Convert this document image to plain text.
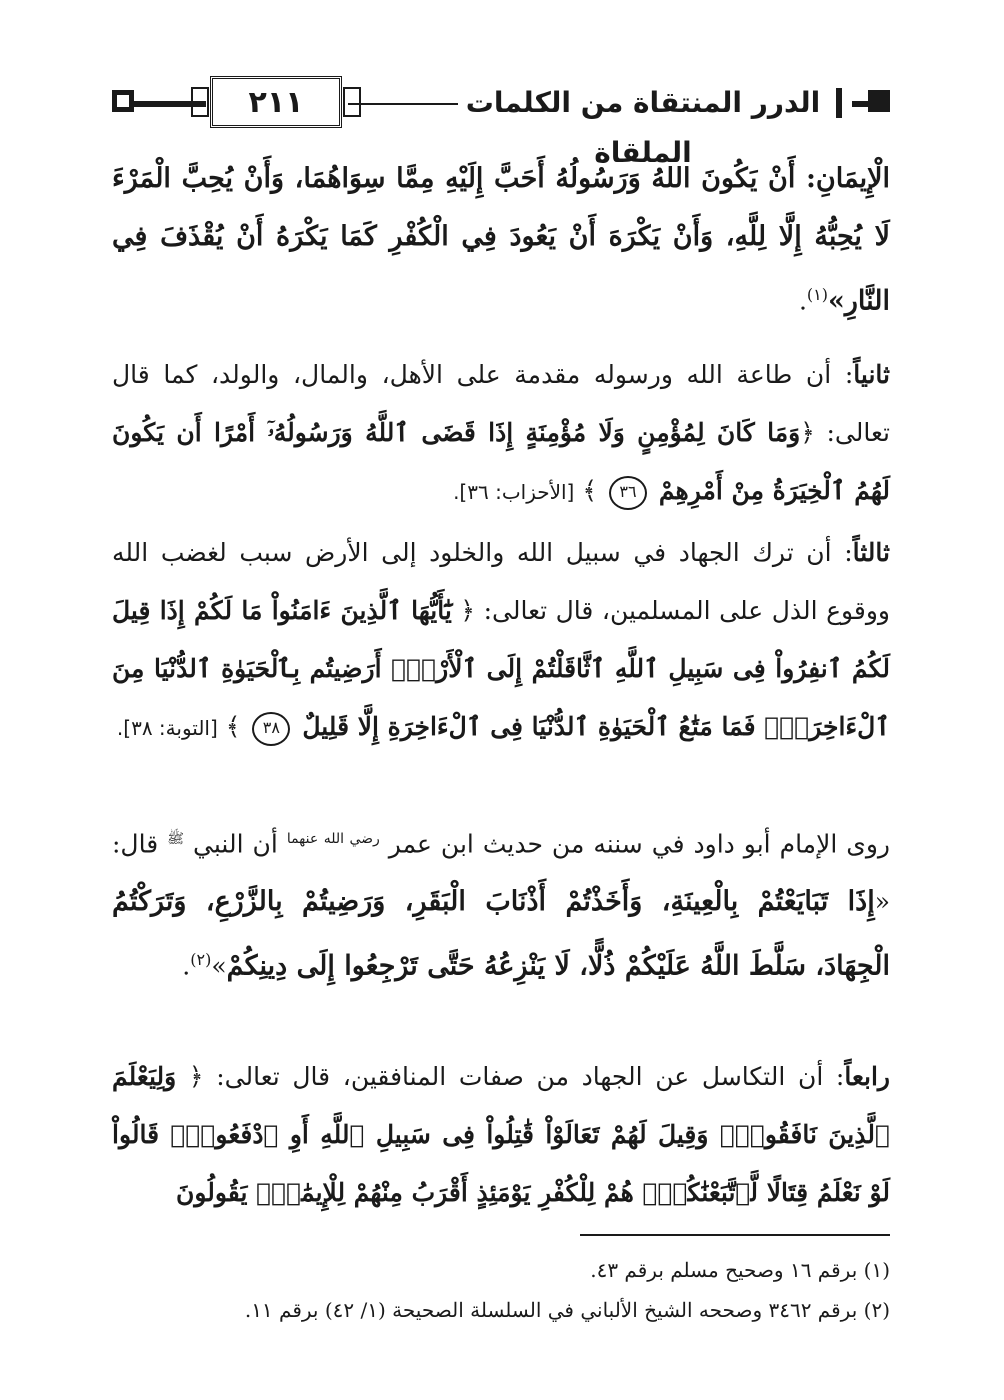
٢١١	الدرر المنتقاة من الكلمات الملقاة

الْإِيمَانِ: أَنْ يَكُونَ اللهُ وَرَسُولُهُ أَحَبَّ إِلَيْهِ مِمَّا سِوَاهُمَا، وَأَنْ يُحِبَّ الْمَرْءَ لَا يُحِبُّهُ إِلَّا لِلَّهِ، وَأَنْ يَكْرَهَ أَنْ يَعُودَ فِي الْكُفْرِ كَمَا يَكْرَهُ أَنْ يُقْذَفَ فِي النَّارِ»$^{(١)}$.

ثانياً: أن طاعة الله ورسوله مقدمة على الأهل، والمال، والولد، كما قال تعالى: ﴿وَمَا كَانَ لِمُؤْمِنٍ وَلَا مُؤْمِنَةٍ إِذَا قَضَى ٱللَّهُ وَرَسُولُهُۥٓ أَمْرًا أَن يَكُونَ لَهُمُ ٱلْخِيَرَةُ مِنْ أَمْرِهِمْ ٣٦ ﴾ [الأحزاب: ٣٦].

ثالثاً: أن ترك الجهاد في سبيل الله والخلود إلى الأرض سبب لغضب الله ووقوع الذل على المسلمين، قال تعالى: ﴿ يَٰٓأَيُّهَا ٱلَّذِينَ ءَامَنُواْ مَا لَكُمْ إِذَا قِيلَ لَكُمُ ٱنفِرُواْ فِى سَبِيلِ ٱللَّهِ ٱثَّاقَلْتُمْ إِلَى ٱلْأَرْضِۚ أَرَضِيتُم بِٱلْحَيَوٰةِ ٱلدُّنْيَا مِنَ ٱلْءَاخِرَةِۚ فَمَا مَتَٰعُ ٱلْحَيَوٰةِ ٱلدُّنْيَا فِى ٱلْءَاخِرَةِ إِلَّا قَلِيلٌ ٣٨ ﴾ [التوبة: ٣٨].

روى الإمام أبو داود في سننه من حديث ابن عمر $^{رضي الله عنهما}$ أن النبي $^ﷺ$ قال: «إِذَا تَبَايَعْتُمْ بِالْعِينَةِ، وَأَخَذْتُمْ أَذْنَابَ الْبَقَرِ، وَرَضِيتُمْ بِالزَّرْعِ، وَتَرَكْتُمُ الْجِهَادَ، سَلَّطَ اللَّهُ عَلَيْكُمْ ذُلًّا، لَا يَنْزِعُهُ حَتَّى تَرْجِعُوا إِلَى دِينِكُمْ»$^{(٢)}$.

رابعاً: أن التكاسل عن الجهاد من صفات المنافقين، قال تعالى: ﴿ وَلِيَعْلَمَ ٱلَّذِينَ نَافَقُواْۚ وَقِيلَ لَهُمْ تَعَالَوْاْ قَٰتِلُواْ فِى سَبِيلِ ٱللَّهِ أَوِ ٱدْفَعُواْۖ قَالُواْ لَوْ نَعْلَمُ قِتَالًا لَّٱتَّبَعْنَٰكُمْۗ هُمْ لِلْكُفْرِ يَوْمَئِذٍ أَقْرَبُ مِنْهُمْ لِلْإِيمَٰنِۚ يَقُولُونَ

(١) برقم ١٦ وصحيح مسلم برقم ٤٣.

(٢) برقم ٣٤٦٢ وصححه الشيخ الألباني في السلسلة الصحيحة (١/ ٤٢) برقم ١١.
